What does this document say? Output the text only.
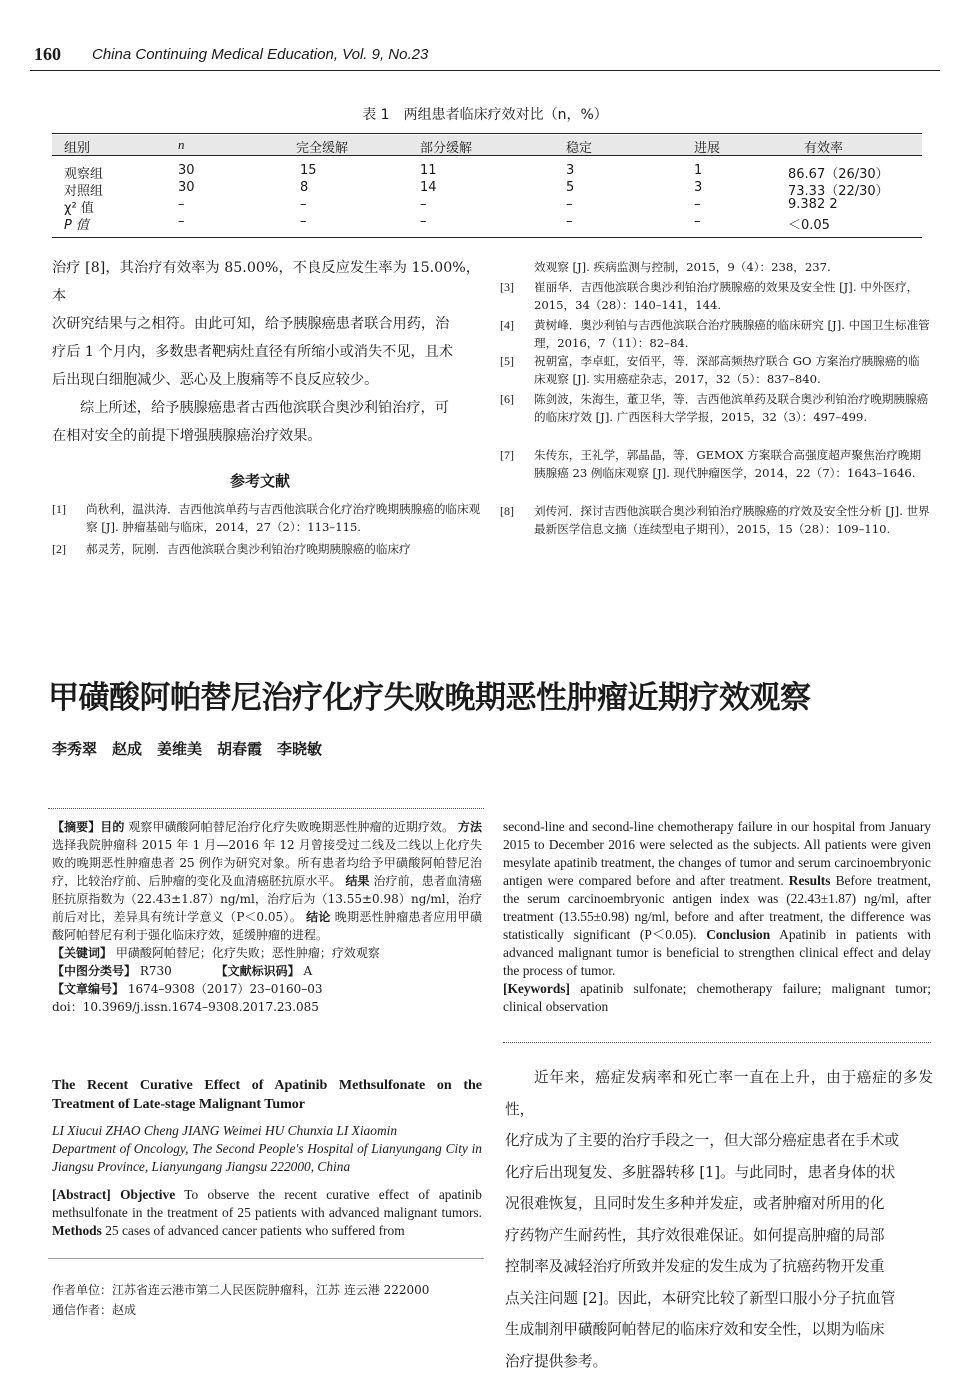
160 China Continuing Medical Education, Vol. 9, No.23
表 1　两组患者临床疗效对比（n，%）
组别	n	完全缓解	部分缓解	稳定	进展	有效率
观察组	30	15	11	3	1	86.67（26/30）
对照组	30	8	14	5	3	73.33（22/30）
χ² 值	–	–	–	–	–	9.382 2
P 值	–	–	–	–	–	＜0.05
治疗 [8]，其治疗有效率为 85.00%，不良反应发生率为 15.00%，本
次研究结果与之相符。由此可知，给予胰腺癌患者联合用药，治
疗后 1 个月内，多数患者靶病灶直径有所缩小或消失不见，且术
后出现白细胞减少、恶心及上腹痛等不良反应较少。
综上所述，给予胰腺癌患者古西他滨联合奥沙利铂治疗，可
在相对安全的前提下增强胰腺癌治疗效果。
参考文献
[1] 尚秋利，温洪涛．吉西他滨单药与吉西他滨联合化疗治疗晚期胰腺癌的临床观察 [J]. 肿瘤基础与临床，2014，27（2）：113–115.
[2] 郝灵芳，阮刚．吉西他滨联合奥沙利铂治疗晚期胰腺癌的临床疗
效观察 [J]. 疾病监测与控制，2015，9（4）：238，237.
[3] 崔丽华．吉西他滨联合奥沙利铂治疗胰腺癌的效果及安全性 [J]. 中外医疗，2015，34（28）：140–141，144.
[4] 黄树峰．奥沙利铂与吉西他滨联合治疗胰腺癌的临床研究 [J]. 中国卫生标准管理，2016，7（11）：82–84.
[5] 祝朝富，李卓虹，安佰平，等．深部高频热疗联合 GO 方案治疗胰腺癌的临床观察 [J]. 实用癌症杂志，2017，32（5）：837–840.
[6] 陈剑波，朱海生，董卫华，等．吉西他滨单药及联合奥沙利铂治疗晚期胰腺癌的临床疗效 [J]. 广西医科大学学报，2015，32（3）：497–499.
[7] 朱传东，王礼学，郭晶晶，等．GEMOX 方案联合高强度超声聚焦治疗晚期胰腺癌 23 例临床观察 [J]. 现代肿瘤医学，2014，22（7）：1643–1646.
[8] 刘传河．探讨吉西他滨联合奥沙利铂治疗胰腺癌的疗效及安全性分析 [J]. 世界最新医学信息文摘（连续型电子期刊），2015，15（28）：109–110.
甲磺酸阿帕替尼治疗化疗失败晚期恶性肿瘤近期疗效观察
李秀翠　赵成　姜维美　胡春霞　李晓敏
【摘要】目的 观察甲磺酸阿帕替尼治疗化疗失败晚期恶性肿瘤的近期疗效。 方法 选择我院肿瘤科 2015 年 1 月—2016 年 12 月曾接受过二线及二线以上化疗失败的晚期恶性肿瘤患者 25 例作为研究对象。所有患者均给予甲磺酸阿帕替尼治疗，比较治疗前、后肿瘤的变化及血清癌胚抗原水平。 结果 治疗前，患者血清癌胚抗原指数为（22.43±1.87）ng/ml，治疗后为（13.55±0.98）ng/ml，治疗前后对比，差异具有统计学意义（P＜0.05）。 结论 晚期恶性肿瘤患者应用甲磺酸阿帕替尼有利于强化临床疗效，延缓肿瘤的进程。
【关键词】 甲磺酸阿帕替尼；化疗失败；恶性肿瘤；疗效观察
【中图分类号】 R730	【文献标识码】 A
【文章编号】 1674–9308（2017）23–0160–03
doi：10.3969/j.issn.1674–9308.2017.23.085
The Recent Curative Effect of Apatinib Methsulfonate on the Treatment of Late-stage Malignant Tumor
LI Xiucui ZHAO Cheng JIANG Weimei HU Chunxia LI Xiaomin
Department of Oncology, The Second People's Hospital of Lianyungang City in Jiangsu Province, Lianyungang Jiangsu 222000, China
[Abstract] Objective To observe the recent curative effect of apatinib methsulfonate in the treatment of 25 patients with advanced malignant tumors. Methods 25 cases of advanced cancer patients who suffered from
作者单位：江苏省连云港市第二人民医院肿瘤科，江苏 连云港 222000
通信作者：赵成
second-line and second-line chemotherapy failure in our hospital from January 2015 to December 2016 were selected as the subjects. All patients were given mesylate apatinib treatment, the changes of tumor and serum carcinoembryonic antigen were compared before and after treatment. Results Before treatment, the serum carcinoembryonic antigen index was (22.43±1.87) ng/ml, after treatment (13.55±0.98) ng/ml, before and after treatment, the difference was statistically significant (P＜0.05). Conclusion Apatinib in patients with advanced malignant tumor is beneficial to strengthen clinical effect and delay the process of tumor.
[Keywords] apatinib sulfonate; chemotherapy failure; malignant tumor; clinical observation
近年来，癌症发病率和死亡率一直在上升，由于癌症的多发性，
化疗成为了主要的治疗手段之一，但大部分癌症患者在手术或
化疗后出现复发、多脏器转移 [1]。与此同时，患者身体的状
况很难恢复，且同时发生多种并发症，或者肿瘤对所用的化
疗药物产生耐药性，其疗效很难保证。如何提高肿瘤的局部
控制率及减轻治疗所致并发症的发生成为了抗癌药物开发重
点关注问题 [2]。因此，本研究比较了新型口服小分子抗血管
生成制剂甲磺酸阿帕替尼的临床疗效和安全性，以期为临床
治疗提供参考。
